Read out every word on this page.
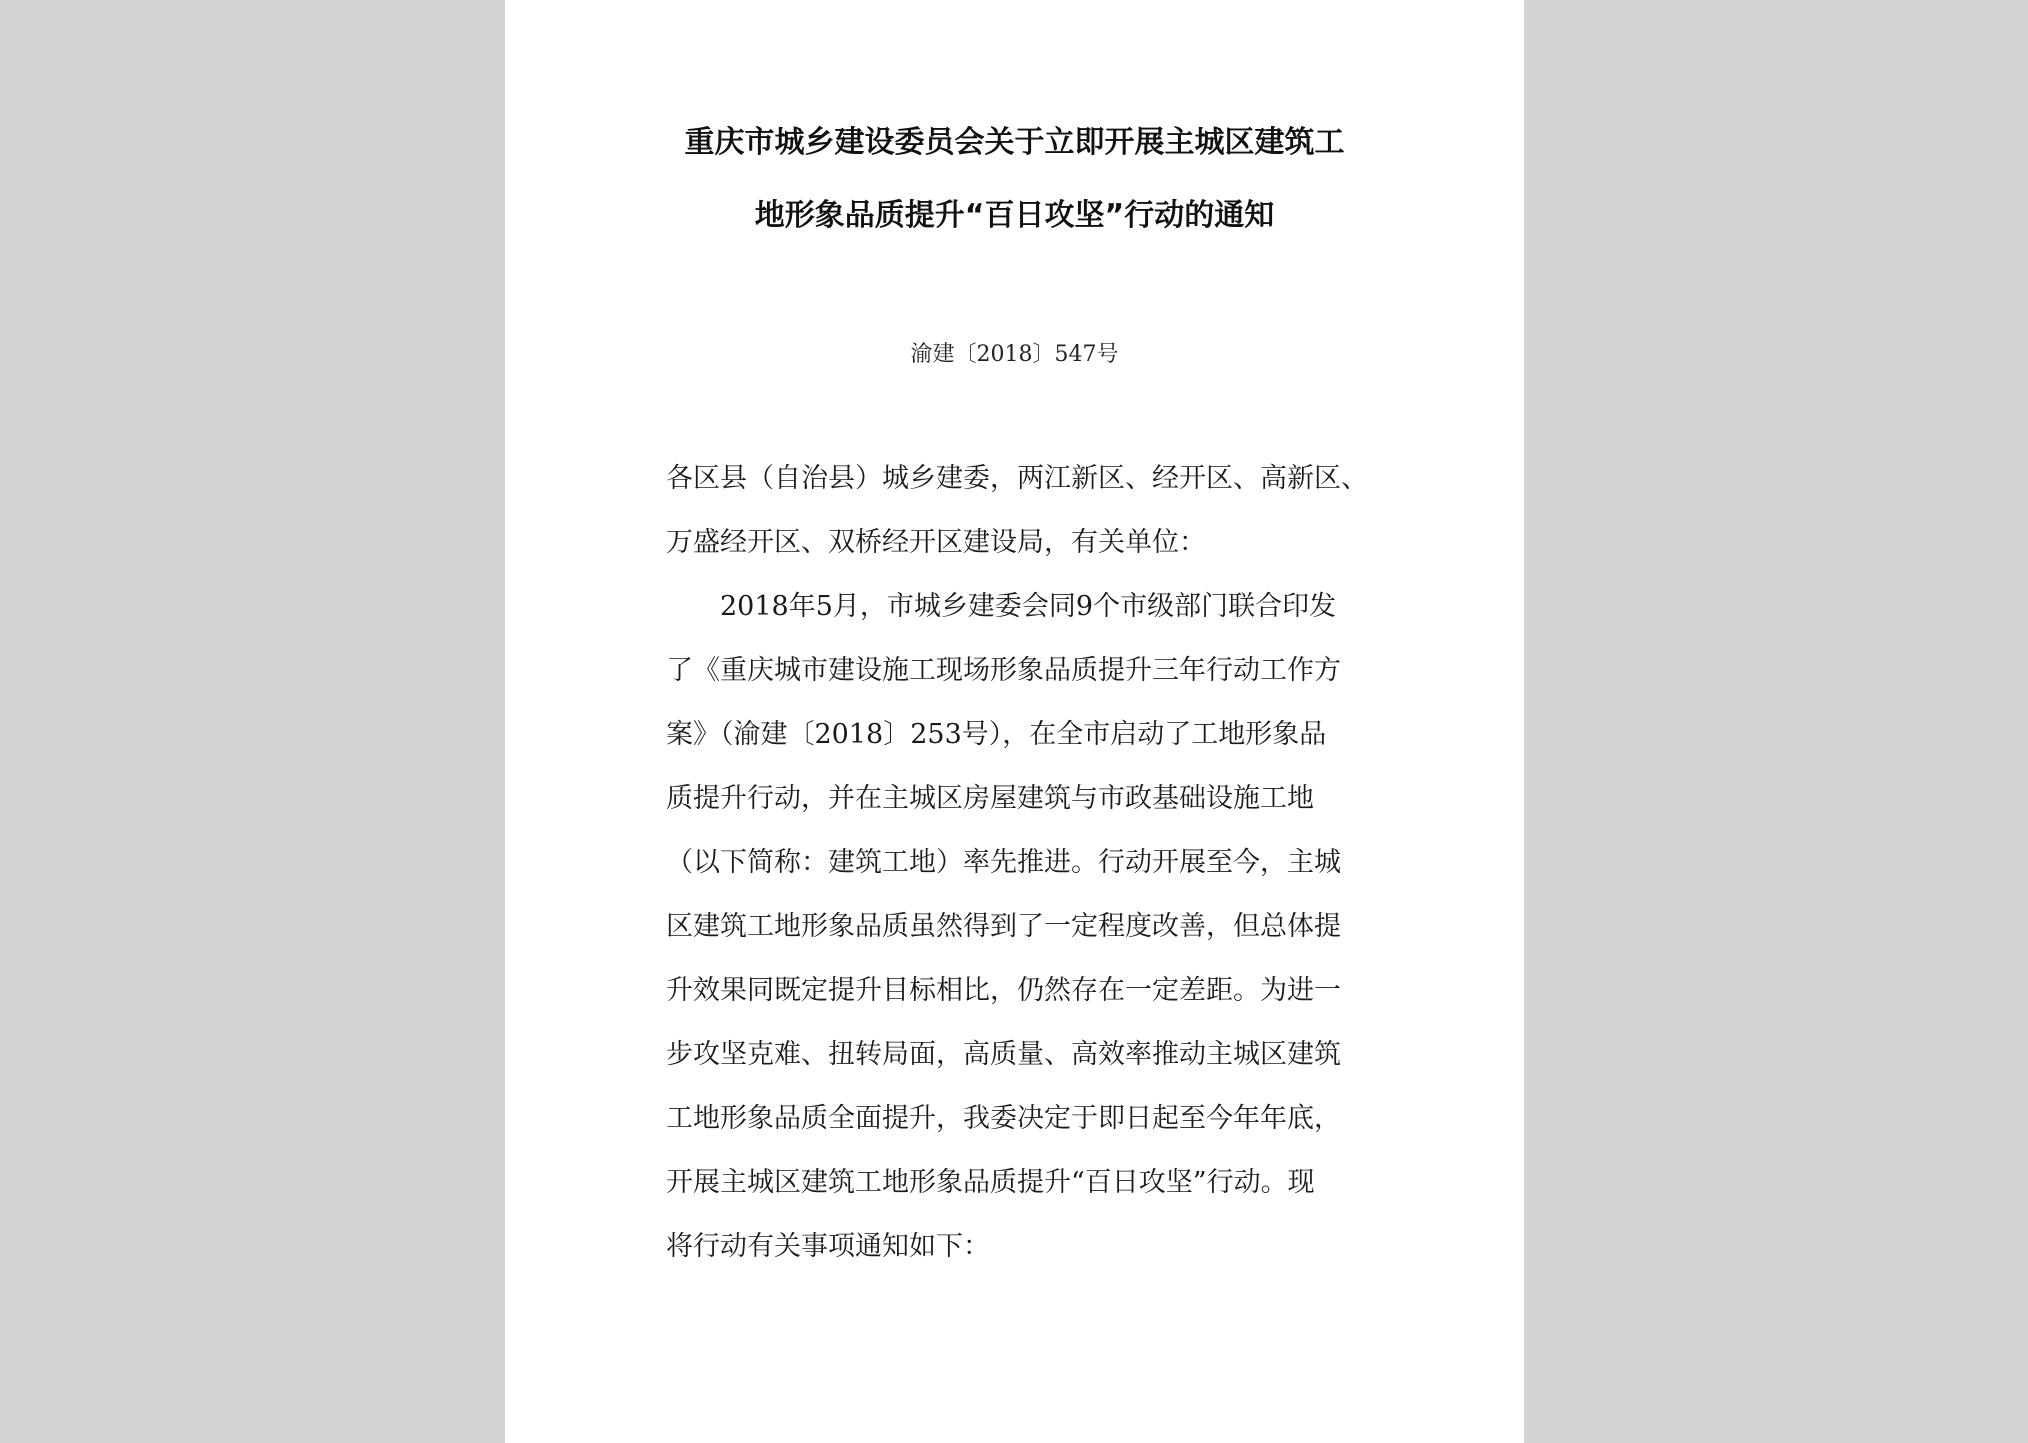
重庆市城乡建设委员会关于立即开展主城区建筑工
地形象品质提升“百日攻坚”行动的通知
渝建〔2018〕547号
各区县（自治县）城乡建委，两江新区、经开区、高新区、
万盛经开区、双桥经开区建设局，有关单位：
2018年5月，市城乡建委会同9个市级部门联合印发
了《重庆城市建设施工现场形象品质提升三年行动工作方
案》（渝建〔2018〕253号），在全市启动了工地形象品
质提升行动，并在主城区房屋建筑与市政基础设施工地
（以下简称：建筑工地）率先推进。行动开展至今，主城
区建筑工地形象品质虽然得到了一定程度改善，但总体提
升效果同既定提升目标相比，仍然存在一定差距。为进一
步攻坚克难、扭转局面，高质量、高效率推动主城区建筑
工地形象品质全面提升，我委决定于即日起至今年年底，
开展主城区建筑工地形象品质提升“百日攻坚”行动。现
将行动有关事项通知如下：
